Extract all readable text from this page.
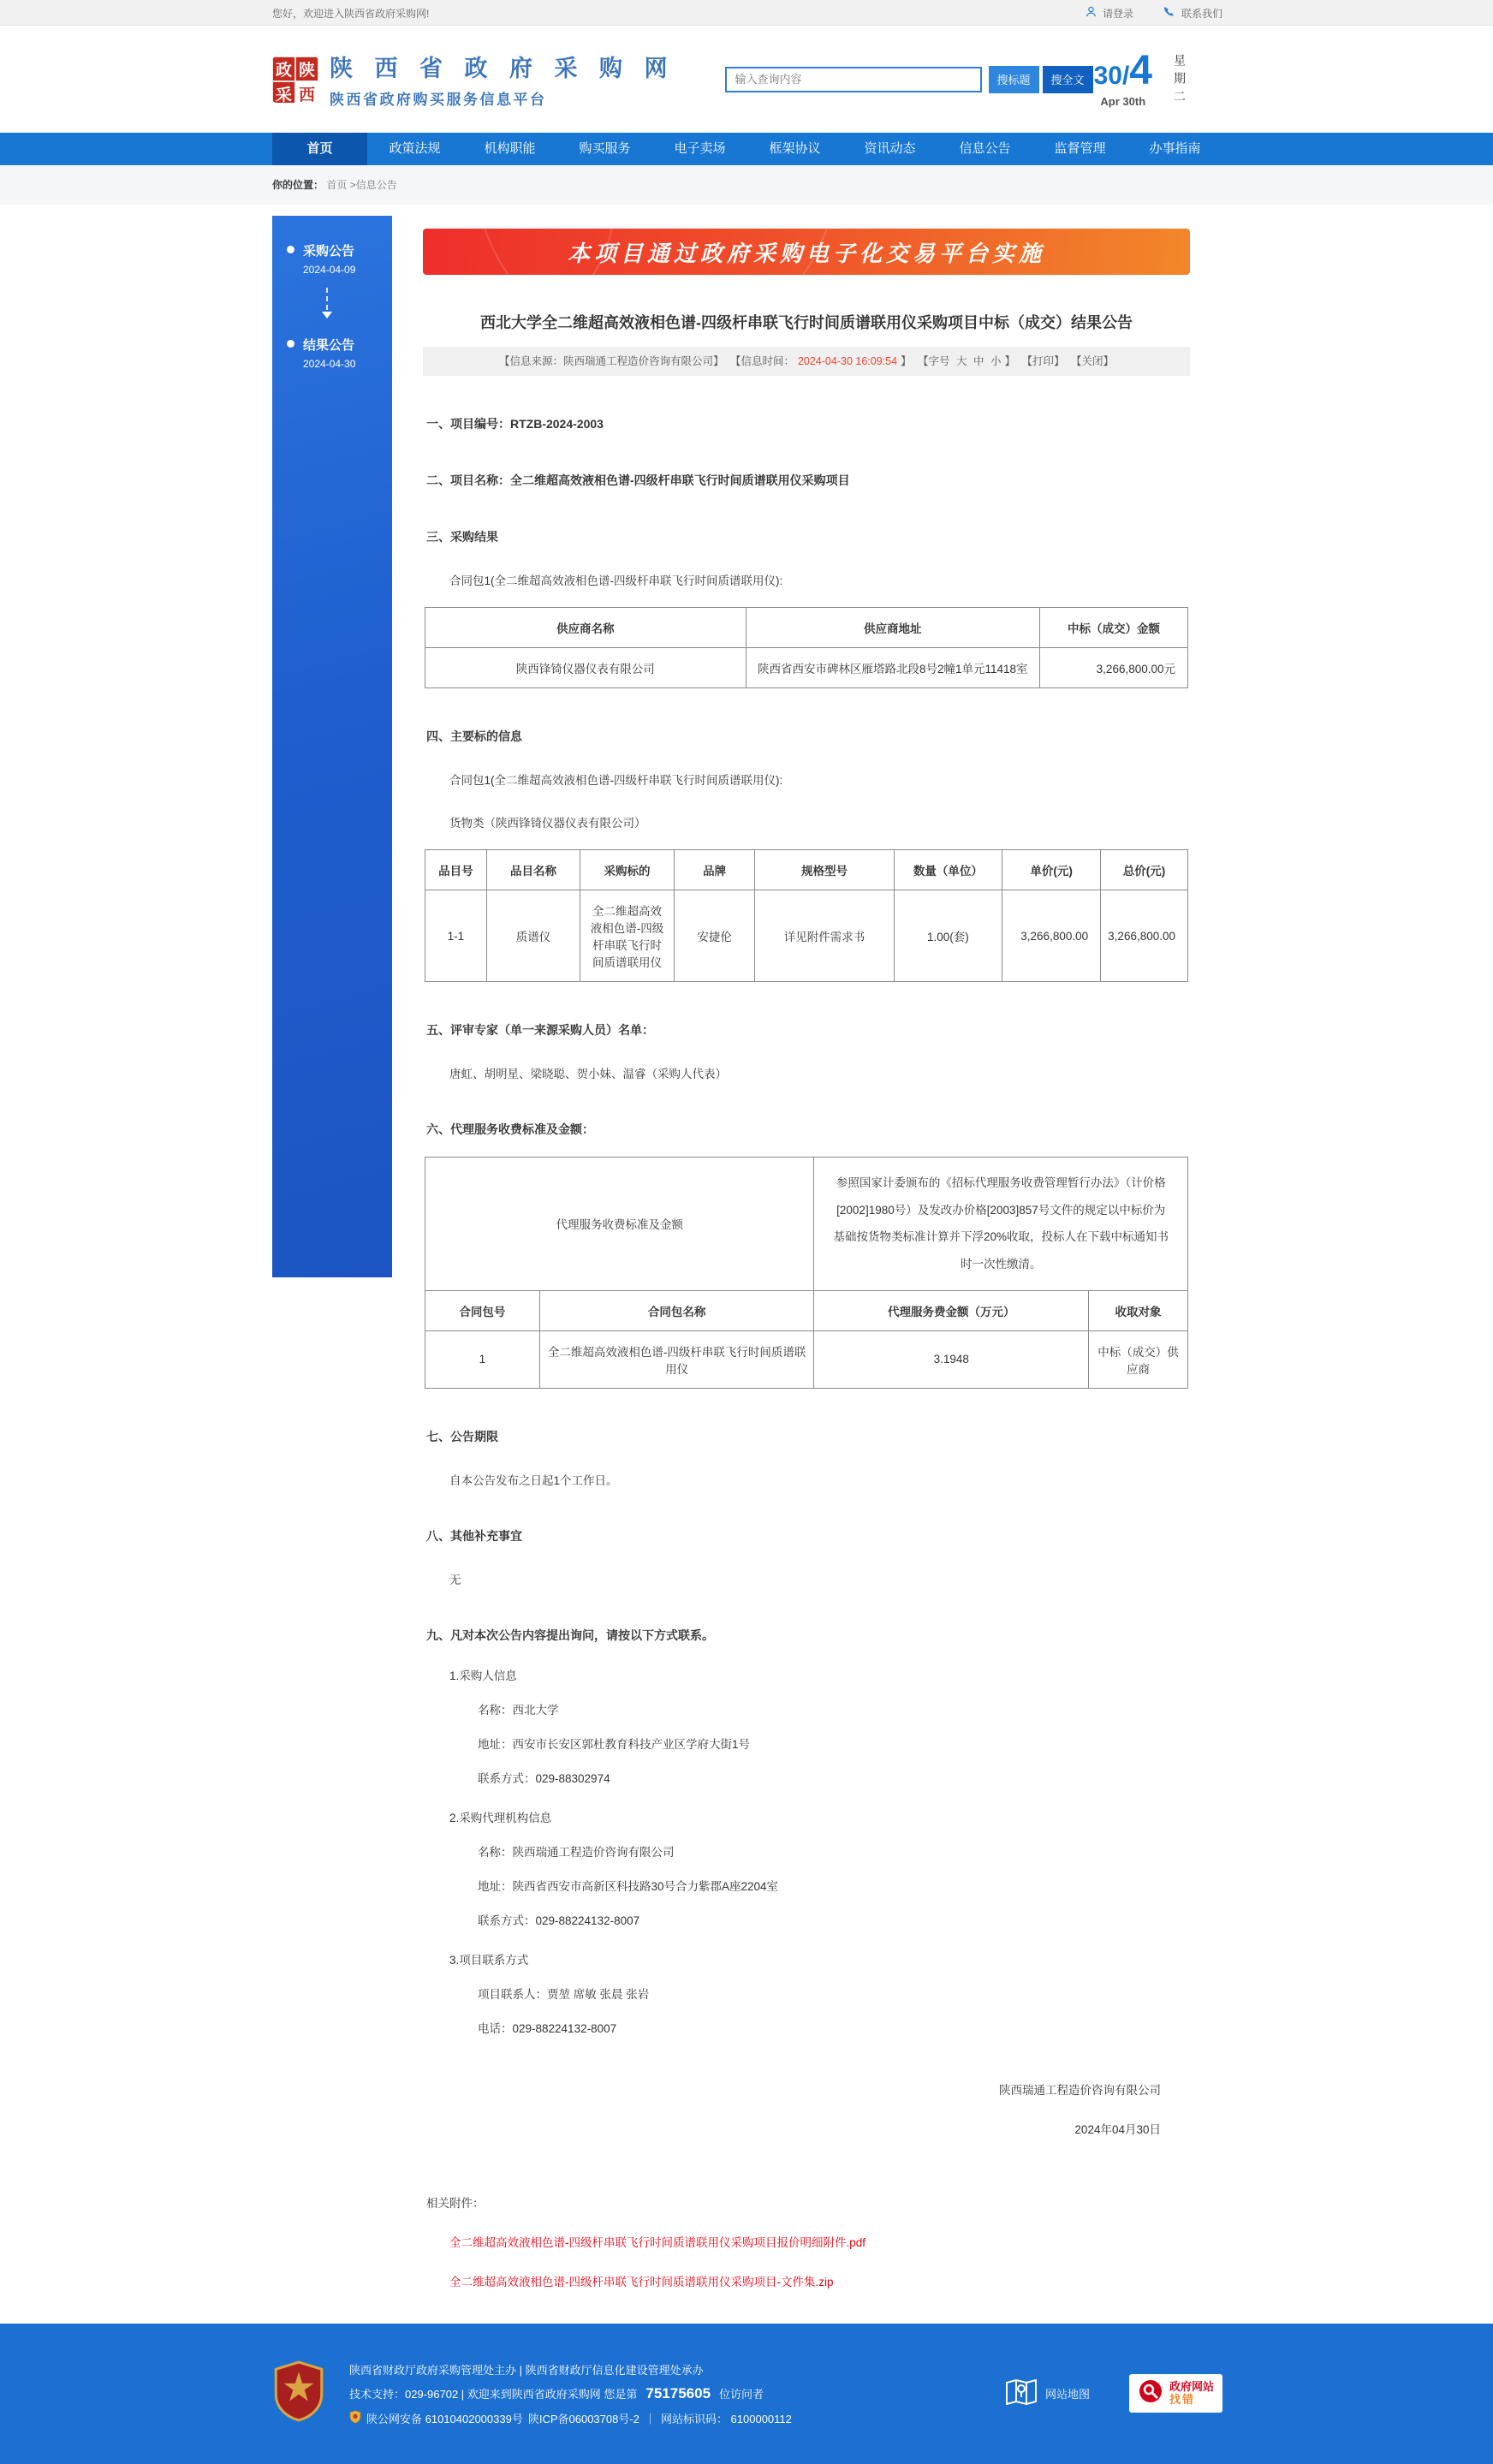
您好，欢迎进入陕西省政府采购网!	请登录	联系我们
政 陕
采 西
陕 西 省 政 府 采 购 网
陕西省政府购买服务信息平台
输入查询内容
搜标题	搜全文 30/4
Apr 30th	星期二
首页	政策法规	机构职能	购买服务	电子卖场	框架协议	资讯动态	信息公告	监督管理	办事指南
你的位置： 首页 >信息公告
采购公告
2024-04-09
结果公告
2024-04-30
本项目通过政府采购电子化交易平台实施
西北大学全二维超高效液相色谱-四级杆串联飞行时间质谱联用仪采购项目中标（成交）结果公告
【信息来源：陕西瑞通工程造价咨询有限公司】 【信息时间： 2024-04-30 16:09:54 】 【字号 大 中 小 】 【打印】 【关闭】
一、项目编号：RTZB-2024-2003
二、项目名称：全二维超高效液相色谱-四级杆串联飞行时间质谱联用仪采购项目
三、采购结果
合同包1(全二维超高效液相色谱-四级杆串联飞行时间质谱联用仪):
供应商名称	供应商地址	中标（成交）金额
陕西锋锜仪器仪表有限公司	陕西省西安市碑林区雁塔路北段8号2幢1单元11418室	3,266,800.00元
四、主要标的信息
合同包1(全二维超高效液相色谱-四级杆串联飞行时间质谱联用仪):
货物类（陕西锋锜仪器仪表有限公司）
品目号	品目名称	采购标的	品牌	规格型号	数量（单位）	单价(元)	总价(元)
1-1	质谱仪	全二维超高效液相色谱-四级杆串联飞行时间质谱联用仪	安捷伦	详见附件需求书	1.00(套)	3,266,800.00	3,266,800.00
五、评审专家（单一来源采购人员）名单：
唐虹、胡明星、梁晓聪、贺小妹、温睿（采购人代表）
六、代理服务收费标准及金额：
代理服务收费标准及金额		参照国家计委颁布的《招标代理服务收费管理暂行办法》（计价格[2002]1980号）及发改办价格[2003]857号文件的规定以中标价为基础按货物类标准计算并下浮20%收取，投标人在下载中标通知书时一次性缴清。	
合同包号	合同包名称	代理服务费金额（万元）	收取对象
1	全二维超高效液相色谱-四级杆串联飞行时间质谱联用仪	3.1948	中标（成交）供应商
七、公告期限
自本公告发布之日起1个工作日。
八、其他补充事宜
无
九、凡对本次公告内容提出询问，请按以下方式联系。
1.采购人信息
名称：西北大学
地址：西安市长安区郭杜教育科技产业区学府大街1号
联系方式：029-88302974
2.采购代理机构信息
名称：陕西瑞通工程造价咨询有限公司
地址：陕西省西安市高新区科技路30号合力紫郡A座2204室
联系方式：029-88224132-8007
3.项目联系方式
项目联系人：贾堃 席敏 张晨 张岩
电话：029-88224132-8007
陕西瑞通工程造价咨询有限公司
2024年04月30日
相关附件：
全二维超高效液相色谱-四级杆串联飞行时间质谱联用仪采购项目报价明细附件.pdf
全二维超高效液相色谱-四级杆串联飞行时间质谱联用仪采购项目-文件集.zip
陕西省财政厅政府采购管理处主办 | 陕西省财政厅信息化建设管理处承办
技术支持：029-96702 | 欢迎来到陕西省政府采购网 您是第 75175605 位访问者
陕公网安备 61010402000339号 陕ICP备06003708号-2 ｜ 网站标识码： 6100000112
网站地图
政府网站
找错
